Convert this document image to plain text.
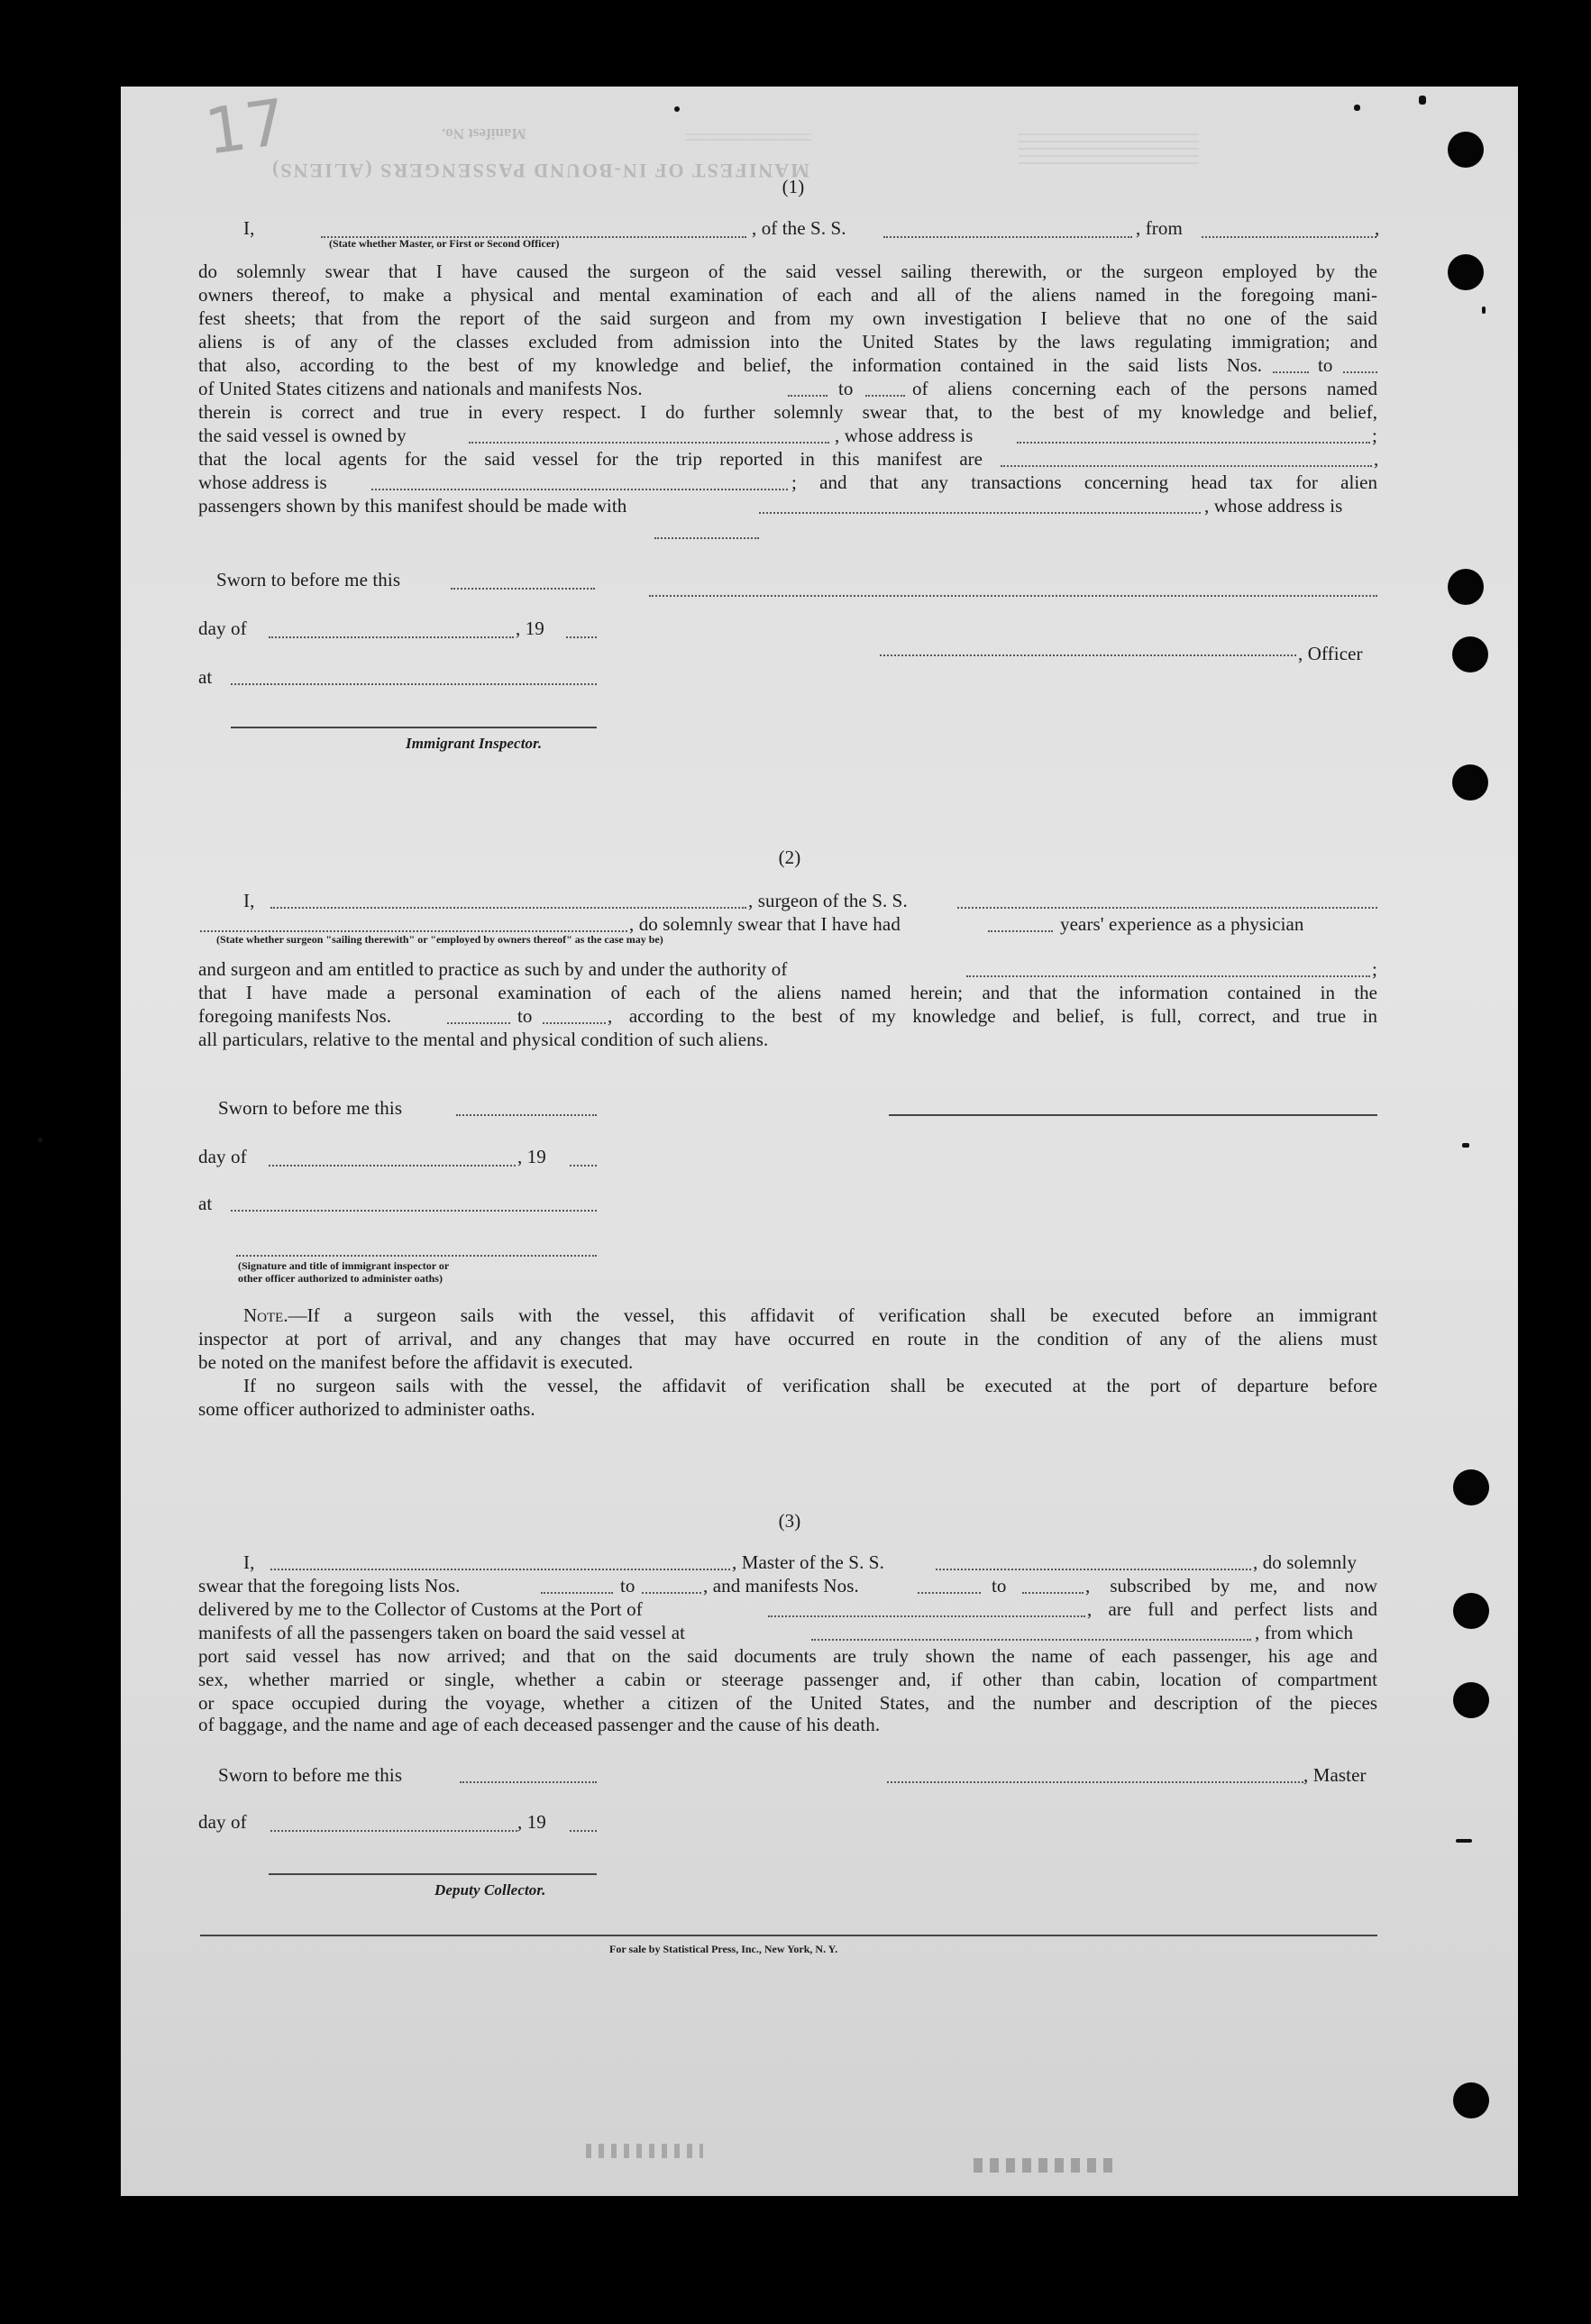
Manifest No.
MANIFEST OF IN-BOUND PASSENGERS (ALIENS)
17
(1)
I,
(State whether Master, or First or Second Officer)
, of the S. S.	, from	,
do solemnly swear that I have caused the surgeon of the said vessel sailing therewith, or the surgeon employed by the
owners thereof, to make a physical and mental examination of each and all of the aliens named in the foregoing mani-
fest sheets; that from the report of the said surgeon and from my own investigation I believe that no one of the said
aliens is of any of the classes excluded from admission into the United States by the laws regulating immigration; and
that also, according to the best of my knowledge and belief, the information contained in the said lists Nos.	to
of United States citizens and nationals and manifests Nos.	to	of aliens concerning each of the persons named
therein is correct and true in every respect. I do further solemnly swear that, to the best of my knowledge and belief,
the said vessel is owned by	, whose address is	;
that the local agents for the said vessel for the trip reported in this manifest are	,
whose address is	; and that any transactions concerning head tax for alien
passengers shown by this manifest should be made with	, whose address is
Sworn to before me this
day of	, 19
, Officer
at
Immigrant Inspector.
(2)
I,	, surgeon of the S. S.
(State whether surgeon "sailing therewith" or "employed by owners thereof" as the case may be)
, do solemnly swear that I have had	years' experience as a physician
and surgeon and am entitled to practice as such by and under the authority of	;
that I have made a personal examination of each of the aliens named herein; and that the information contained in the
foregoing manifests Nos.	to	, according to the best of my knowledge and belief, is full, correct, and true in
all particulars, relative to the mental and physical condition of such aliens.
Sworn to before me this
day of	, 19
at
(Signature and title of immigrant inspector or
other officer authorized to administer oaths)
Note.—If a surgeon sails with the vessel, this affidavit of verification shall be executed before an immigrant
inspector at port of arrival, and any changes that may have occurred en route in the condition of any of the aliens must
be noted on the manifest before the affidavit is executed.
If no surgeon sails with the vessel, the affidavit of verification shall be executed at the port of departure before
some officer authorized to administer oaths.
(3)
I,	, Master of the S. S.	, do solemnly
swear that the foregoing lists Nos.	to	, and manifests Nos.	to	, subscribed by me, and now
delivered by me to the Collector of Customs at the Port of	, are full and perfect lists and
manifests of all the passengers taken on board the said vessel at	, from which
port said vessel has now arrived; and that on the said documents are truly shown the name of each passenger, his age and
sex, whether married or single, whether a cabin or steerage passenger and, if other than cabin, location of compartment
or space occupied during the voyage, whether a citizen of the United States, and the number and description of the pieces
of baggage, and the name and age of each deceased passenger and the cause of his death.
Sworn to before me this	, Master
day of	, 19
Deputy Collector.
For sale by Statistical Press, Inc., New York, N. Y.
